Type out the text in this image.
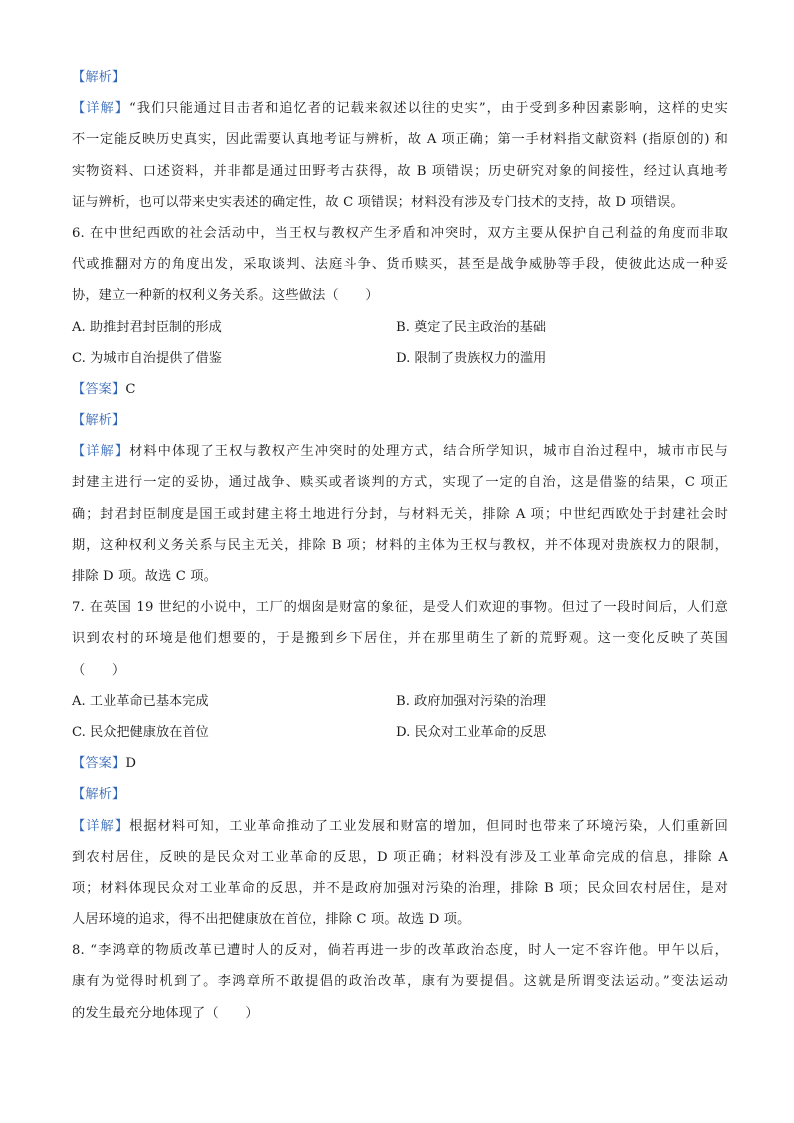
【解析】
【详解】“我们只能通过目击者和追忆者的记载来叙述以往的史实”，由于受到多种因素影响，这样的史实
不一定能反映历史真实，因此需要认真地考证与辨析，故 A 项正确；第一手材料指文献资料 (指原创的) 和
实物资料、口述资料，并非都是通过田野考古获得，故 B 项错误；历史研究对象的间接性，经过认真地考
证与辨析，也可以带来史实表述的确定性，故 C 项错误；材料没有涉及专门技术的支持，故 D 项错误。
6. 在中世纪西欧的社会活动中，当王权与教权产生矛盾和冲突时，双方主要从保护自己利益的角度而非取
代或推翻对方的角度出发，采取谈判、法庭斗争、货币赎买，甚至是战争威胁等手段，使彼此达成一种妥
协，建立一种新的权利义务关系。这些做法（　　）
A. 助推封君封臣制的形成	B. 奠定了民主政治的基础
C. 为城市自治提供了借鉴	D. 限制了贵族权力的滥用
【答案】C
【解析】
【详解】材料中体现了王权与教权产生冲突时的处理方式，结合所学知识，城市自治过程中，城市市民与
封建主进行一定的妥协，通过战争、赎买或者谈判的方式，实现了一定的自治，这是借鉴的结果，C 项正
确；封君封臣制度是国王或封建主将土地进行分封，与材料无关，排除 A 项；中世纪西欧处于封建社会时
期，这种权利义务关系与民主无关，排除 B 项；材料的主体为王权与教权，并不体现对贵族权力的限制，
排除 D 项。故选 C 项。
7. 在英国 19 世纪的小说中，工厂的烟囱是财富的象征，是受人们欢迎的事物。但过了一段时间后，人们意
识到农村的环境是他们想要的，于是搬到乡下居住，并在那里萌生了新的荒野观。这一变化反映了英国
（　　）
A. 工业革命已基本完成	B. 政府加强对污染的治理
C. 民众把健康放在首位	D. 民众对工业革命的反思
【答案】D
【解析】
【详解】根据材料可知，工业革命推动了工业发展和财富的增加，但同时也带来了环境污染，人们重新回
到农村居住，反映的是民众对工业革命的反思，D 项正确；材料没有涉及工业革命完成的信息，排除 A
项；材料体现民众对工业革命的反思，并不是政府加强对污染的治理，排除 B 项；民众回农村居住，是对
人居环境的追求，得不出把健康放在首位，排除 C 项。故选 D 项。
8. “李鸿章的物质改革已遭时人的反对，倘若再进一步的改革政治态度，时人一定不容许他。甲午以后，
康有为觉得时机到了。李鸿章所不敢提倡的政治改革，康有为要提倡。这就是所谓变法运动。”变法运动
的发生最充分地体现了（　　）
